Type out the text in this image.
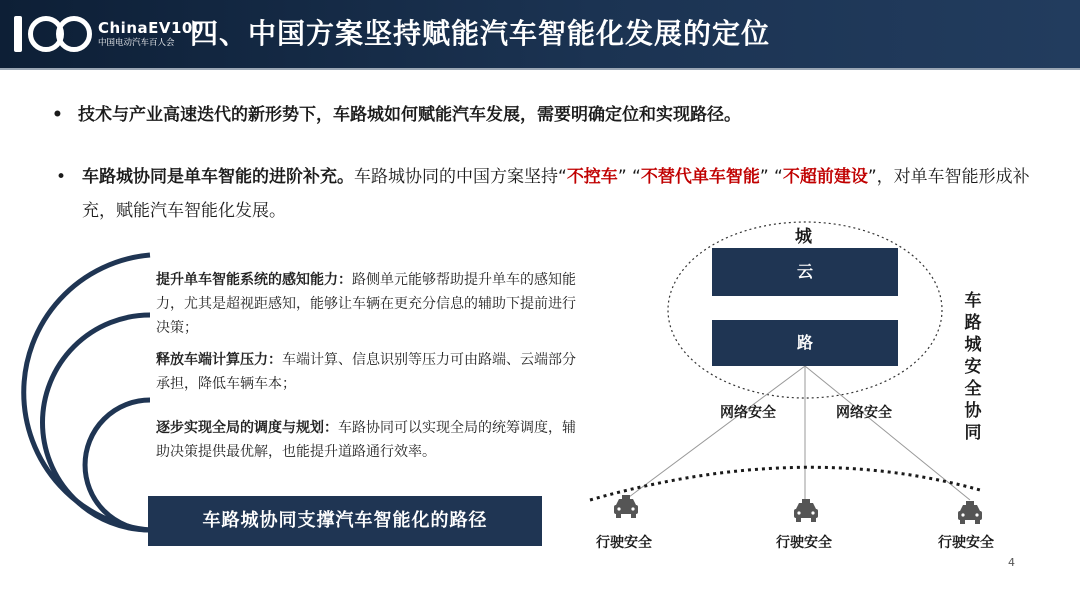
ChinaEV100
中国电动汽车百人会 四、中国方案坚持赋能汽车智能化发展的定位
• 技术与产业高速迭代的新形势下，车路城如何赋能汽车发展，需要明确定位和实现路径。
• 车路城协同是单车智能的进阶补充。车路城协同的中国方案坚持“不控车” “不替代单车智能” “不超前建设”，对单车智能形成补充，赋能汽车智能化发展。
提升单车智能系统的感知能力：路侧单元能够帮助提升单车的感知能力，尤其是超视距感知，能够让车辆在更充分信息的辅助下提前进行决策；
释放车端计算压力：车端计算、信息识别等压力可由路端、云端部分承担，降低车辆车本；
逐步实现全局的调度与规划：车路协同可以实现全局的统筹调度，辅助决策提供最优解，也能提升道路通行效率。
车路城协同支撑汽车智能化的路径
城
云
路
网络安全	网络安全
车路城安全协同
行驶安全	行驶安全	行驶安全
4
